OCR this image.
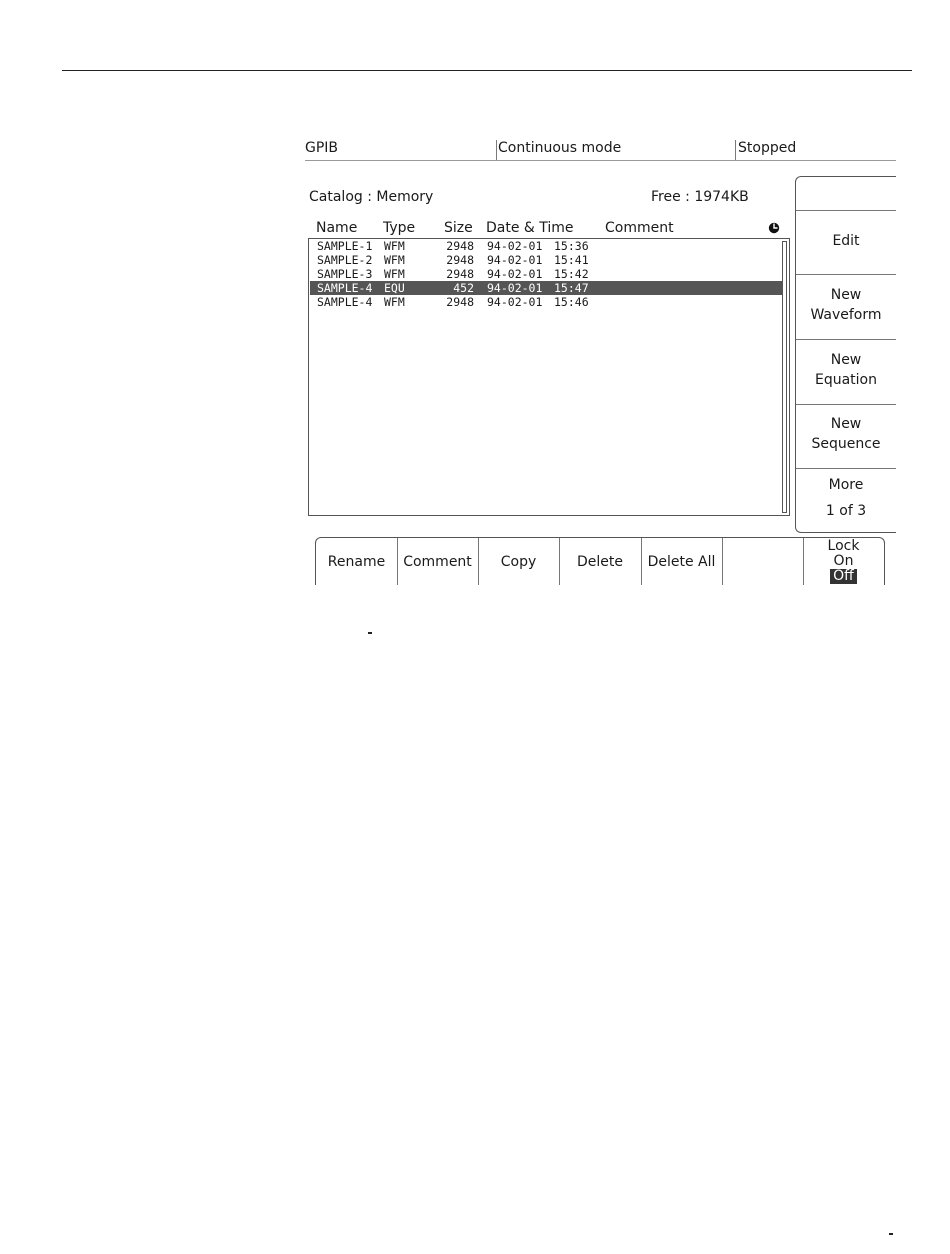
GPIB	Continuous mode	Stopped
Catalog : Memory	Free : 1974KB
Name Type Size Date & Time Comment
SAMPLE-1 WFM	2948 94-02-01 15:36
SAMPLE-2 WFM	2948 94-02-01 15:41
SAMPLE-3 WFM	2948 94-02-01 15:42
SAMPLE-4 EQU	452 94-02-01 15:47
SAMPLE-4 WFM	2948 94-02-01 15:46
Edit
New
Waveform
New
Equation
New
Sequence
More
1 of 3
Rename	Comment	Copy	Delete	Delete All
Lock
On
Off
